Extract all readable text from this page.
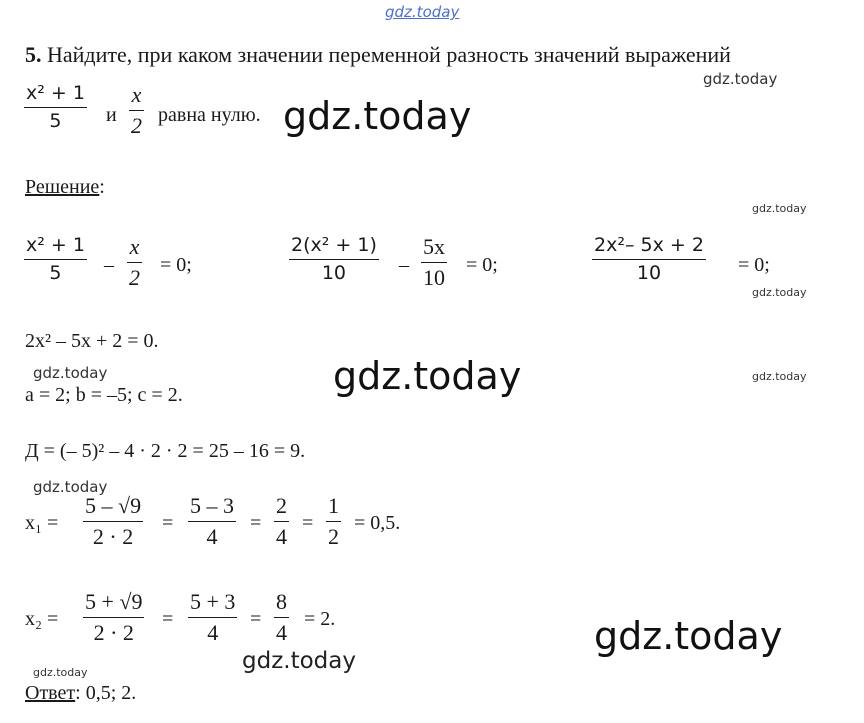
gdz.today
gdz.today
gdz.today
gdz.today
gdz.today
gdz.today
gdz.today	gdz.today
gdz.today
gdz.today
gdz.today
gdz.today
5. Найдите, при каком значении переменной разность значений выражений
x² + 1
5 и
x
2 равна нулю.
Решение:
x² + 1
5 –
x
2 = 0;
2(x² + 1)
10	–
5x
10 = 0;
2x²– 5x + 2
10	= 0;
2x² – 5x + 2 = 0.
a = 2; b = –5; c = 2.
Д = (– 5)² – 4 · 2 · 2 = 25 – 16 = 9.
x₁ =
5 – √9
2 · 2
=
5 – 3
4
=
2
4
=
1
2
= 0,5.
x₂ =
5 + √9
2 · 2
=
5 + 3
4
=
8
4
= 2.
Ответ: 0,5; 2.
